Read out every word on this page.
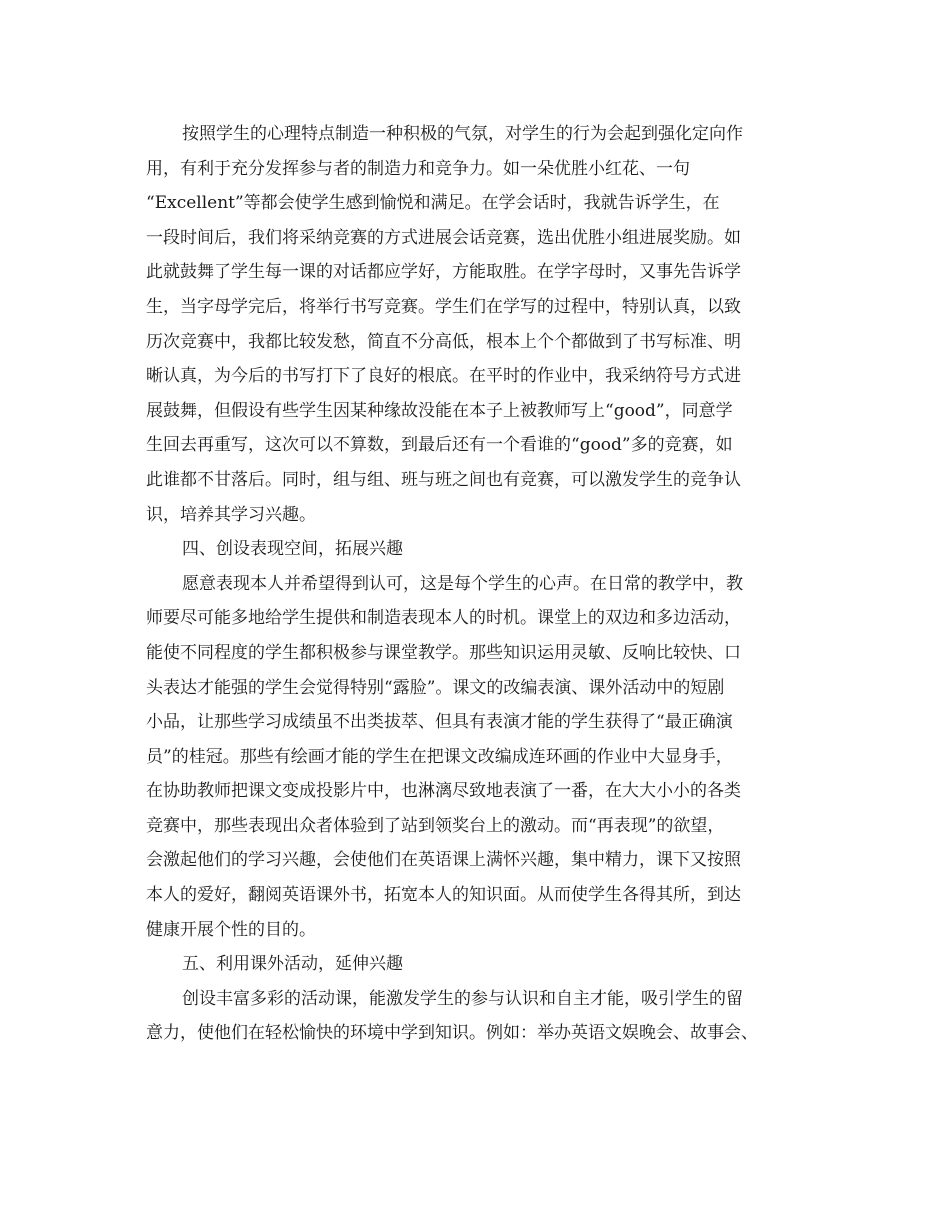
按照学生的心理特点制造一种积极的气氛，对学生的行为会起到强化定向作
用，有利于充分发挥参与者的制造力和竞争力。如一朵优胜小红花、一句
“Excellent”等都会使学生感到愉悦和满足。在学会话时，我就告诉学生，在
一段时间后，我们将采纳竞赛的方式进展会话竞赛，选出优胜小组进展奖励。如
此就鼓舞了学生每一课的对话都应学好，方能取胜。在学字母时，又事先告诉学
生，当字母学完后，将举行书写竞赛。学生们在学写的过程中，特别认真，以致
历次竞赛中，我都比较发愁，简直不分高低，根本上个个都做到了书写标准、明
晰认真，为今后的书写打下了良好的根底。在平时的作业中，我采纳符号方式进
展鼓舞，但假设有些学生因某种缘故没能在本子上被教师写上“good”，同意学
生回去再重写，这次可以不算数，到最后还有一个看谁的“good”多的竞赛，如
此谁都不甘落后。同时，组与组、班与班之间也有竞赛，可以激发学生的竞争认
识，培养其学习兴趣。
四、创设表现空间，拓展兴趣
愿意表现本人并希望得到认可，这是每个学生的心声。在日常的教学中，教
师要尽可能多地给学生提供和制造表现本人的时机。课堂上的双边和多边活动，
能使不同程度的学生都积极参与课堂教学。那些知识运用灵敏、反响比较快、口
头表达才能强的学生会觉得特别“露脸”。课文的改编表演、课外活动中的短剧
小品，让那些学习成绩虽不出类拔萃、但具有表演才能的学生获得了“最正确演
员”的桂冠。那些有绘画才能的学生在把课文改编成连环画的作业中大显身手，
在协助教师把课文变成投影片中，也淋漓尽致地表演了一番，在大大小小的各类
竞赛中，那些表现出众者体验到了站到领奖台上的激动。而“再表现”的欲望，
会激起他们的学习兴趣，会使他们在英语课上满怀兴趣，集中精力，课下又按照
本人的爱好，翻阅英语课外书，拓宽本人的知识面。从而使学生各得其所，到达
健康开展个性的目的。
五、利用课外活动，延伸兴趣
创设丰富多彩的活动课，能激发学生的参与认识和自主才能，吸引学生的留
意力，使他们在轻松愉快的环境中学到知识。例如：举办英语文娱晚会、故事会、
